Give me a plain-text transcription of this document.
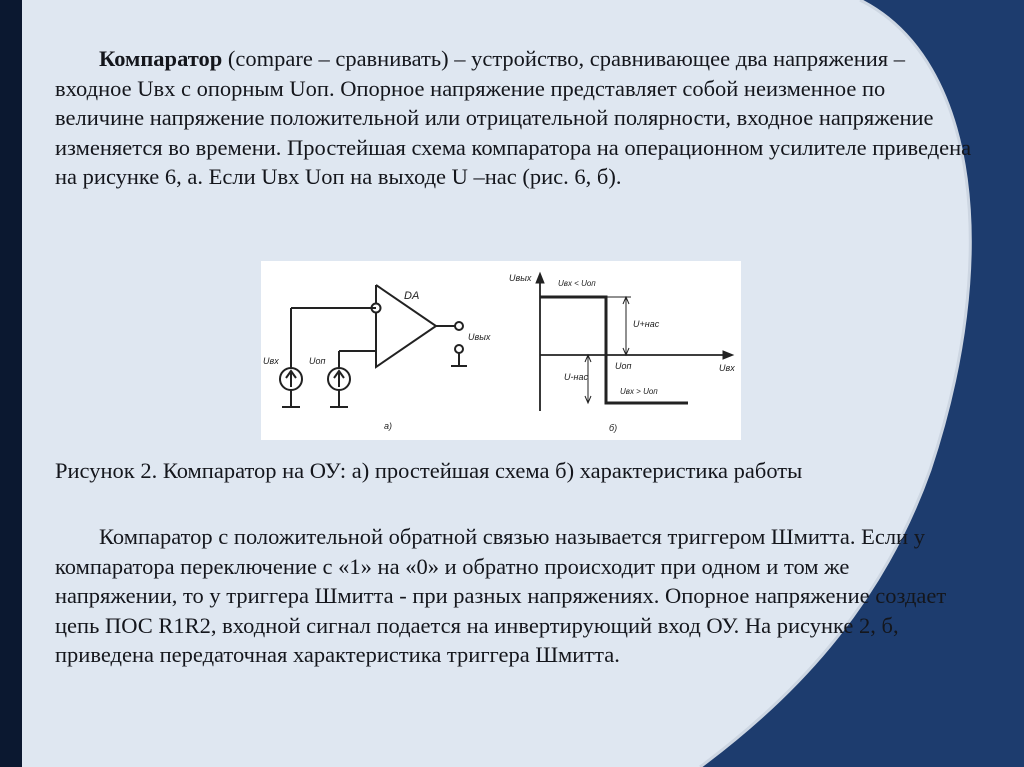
Компаратор (compare – сравнивать) – устройство, сравнивающее два напряжения – входное Uвх с опорным Uоп. Опорное напряжение представляет собой неизменное по величине напряжение положительной или отрицательной полярности, входное напряжение изменяется во времени. Простейшая схема компаратора на операционном усилителе приведена на рисунке 6, а. Если Uвх Uоп на выходе U –нас (рис. 6, б).
DA
Uвх	Uоп
Uвых
а)
Uвых
Uвх
Uвх < Uоп
Uвх > Uоп
U+нас
U-нас
Uоп
б)
Рисунок 2. Компаратор на ОУ: а) простейшая схема б) характеристика работы
Компаратор с положительной обратной связью называется триггером Шмитта. Если у компаратора переключение с «1» на «0» и обратно происходит при одном и том же напряжении, то у триггера Шмитта - при разных напряжениях. Опорное напряжение создает цепь ПОС R1R2, входной сигнал подается на инвертирующий вход ОУ. На рисунке 2, б, приведена передаточная характеристика триггера Шмитта.
